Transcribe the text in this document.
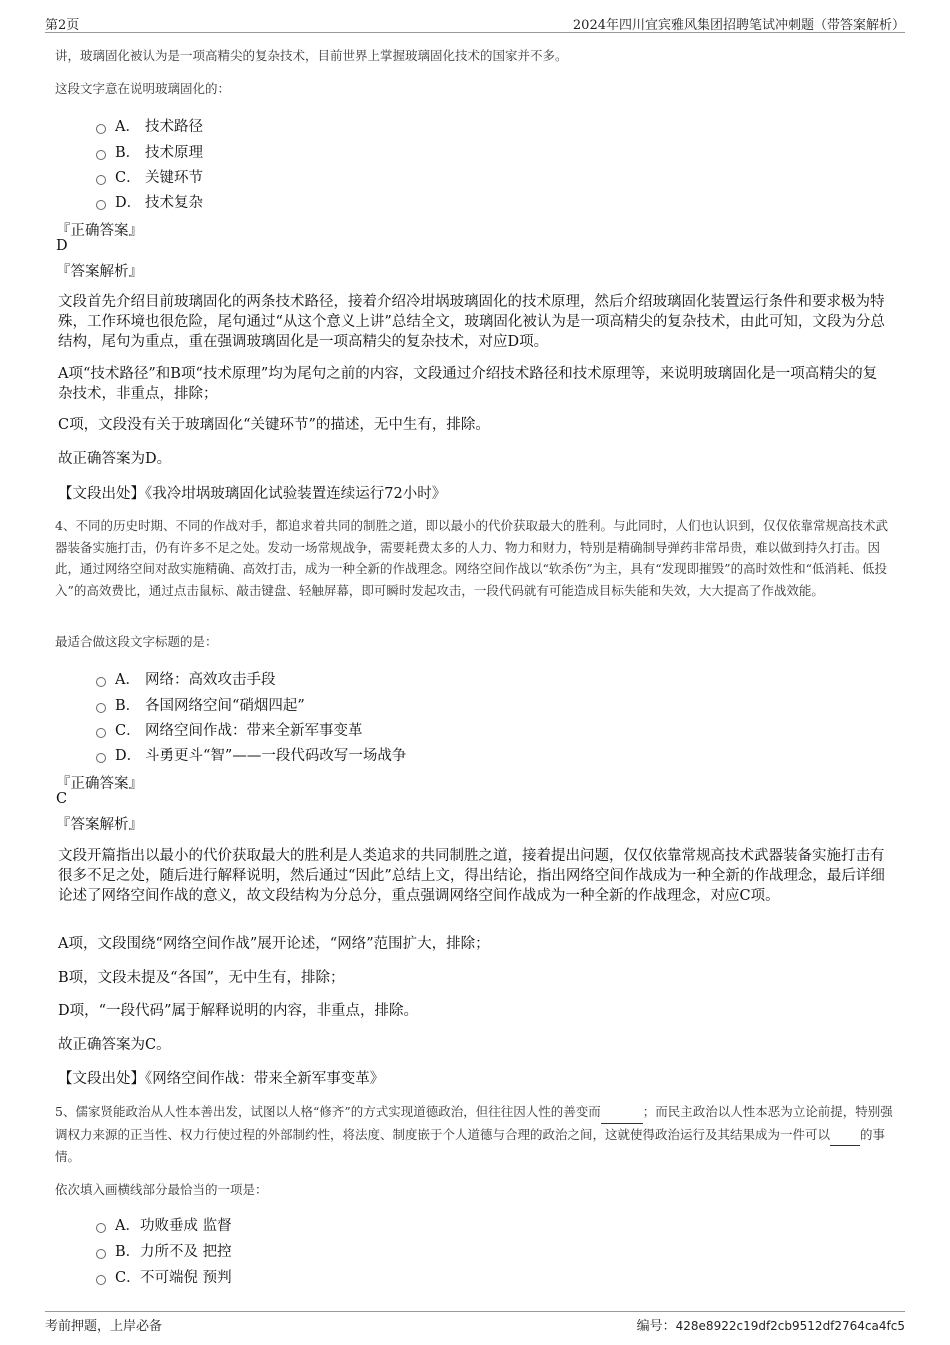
第2页	2024年四川宜宾雅风集团招聘笔试冲刺题（带答案解析）
讲，玻璃固化被认为是一项高精尖的复杂技术，目前世界上掌握玻璃固化技术的国家并不多。
这段文字意在说明玻璃固化的：
A． 技术路径
B． 技术原理
C． 关键环节
D． 技术复杂
『正确答案』
D
『答案解析』
文段首先介绍目前玻璃固化的两条技术路径，接着介绍冷坩埚玻璃固化的技术原理，然后介绍玻璃固化装置运行条件和要求极为特殊，工作环境也很危险，尾句通过“从这个意义上讲”总结全文，玻璃固化被认为是一项高精尖的复杂技术，由此可知，文段为分总结构，尾句为重点，重在强调玻璃固化是一项高精尖的复杂技术，对应D项。
A项“技术路径”和B项“技术原理”均为尾句之前的内容，文段通过介绍技术路径和技术原理等，来说明玻璃固化是一项高精尖的复杂技术，非重点，排除；
C项，文段没有关于玻璃固化“关键环节”的描述，无中生有，排除。
故正确答案为D。
【文段出处】《我冷坩埚玻璃固化试验装置连续运行72小时》
4、不同的历史时期、不同的作战对手，都追求着共同的制胜之道，即以最小的代价获取最大的胜利。与此同时，人们也认识到，仅仅依靠常规高技术武器装备实施打击，仍有许多不足之处。发动一场常规战争，需要耗费太多的人力、物力和财力，特别是精确制导弹药非常昂贵，难以做到持久打击。因此，通过网络空间对敌实施精确、高效打击，成为一种全新的作战理念。网络空间作战以“软杀伤”为主，具有“发现即摧毁”的高时效性和“低消耗、低投入”的高效费比，通过点击鼠标、敲击键盘、轻触屏幕，即可瞬时发起攻击，一段代码就有可能造成目标失能和失效，大大提高了作战效能。
最适合做这段文字标题的是：
A． 网络：高效攻击手段
B． 各国网络空间“硝烟四起”
C． 网络空间作战：带来全新军事变革
D． 斗勇更斗“智”——一段代码改写一场战争
『正确答案』
C
『答案解析』
文段开篇指出以最小的代价获取最大的胜利是人类追求的共同制胜之道，接着提出问题，仅仅依靠常规高技术武器装备实施打击有很多不足之处，随后进行解释说明，然后通过“因此”总结上文，得出结论，指出网络空间作战成为一种全新的作战理念，最后详细论述了网络空间作战的意义，故文段结构为分总分，重点强调网络空间作战成为一种全新的作战理念，对应C项。
A项，文段围绕“网络空间作战”展开论述，“网络”范围扩大，排除；
B项，文段未提及“各国”，无中生有，排除；
D项，“一段代码”属于解释说明的内容，非重点，排除。
故正确答案为C。
【文段出处】《网络空间作战：带来全新军事变革》
5、儒家贤能政治从人性本善出发，试图以人格“修齐”的方式实现道德政治，但往往因人性的善变而	；而民主政治以人性本恶为立论前提，特别强调权力来源的正当性、权力行使过程的外部制约性，将法度、制度嵌于个人道德与合理的政治之间，这就使得政治运行及其结果成为一件可以 的事情。
依次填入画横线部分最恰当的一项是：
A．功败垂成 监督
B．力所不及 把控
C．不可端倪 预判
考前押题，上岸必备	编号：428e8922c19df2cb9512df2764ca4fc5
